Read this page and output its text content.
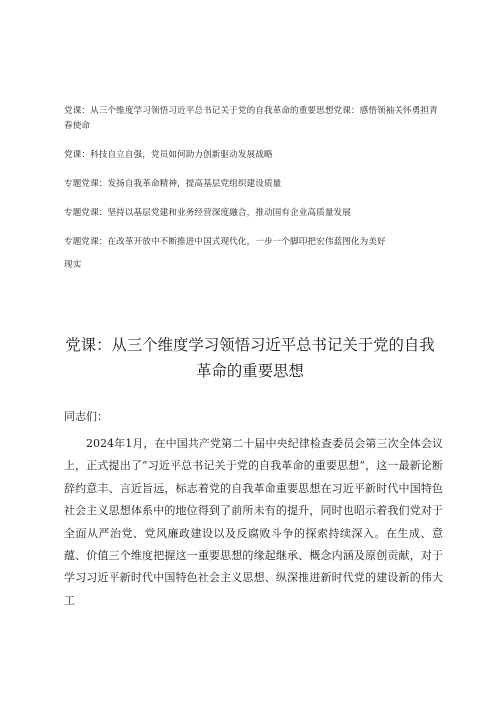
党课：从三个维度学习领悟习近平总书记关于党的自我革命的重要思想党课：感悟领袖关怀勇担青春使命

党课：科技自立自强，党员如何助力创新驱动发展战略

专题党课：发扬自我革命精神，提高基层党组织建设质量

专题党课：坚持以基层党建和业务经营深度融合，推动国有企业高质量发展

专题党课：在改革开放中不断推进中国式现代化，一步一个脚印把宏伟蓝图化为美好

现实

党课：从三个维度学习领悟习近平总书记关于党的自我
革命的重要思想

同志们：

2024年1月，在中国共产党第二十届中央纪律检查委员会第三次全体会议上，正式提出了“习近平总书记关于党的自我革命的重要思想“，这一最新论断辞约意丰、言近旨远，标志着党的自我革命重要思想在习近平新时代中国特色社会主义思想体系中的地位得到了前所未有的提升，同时也昭示着我们党对于全面从严治党、党风廉政建设以及反腐败斗争的探索持续深入。在生成、意蕴、价值三个维度把握这一重要思想的缘起继承、概念内涵及原创贡献，对于学习习近平新时代中国特色社会主义思想、纵深推进新时代党的建设新的伟大工
